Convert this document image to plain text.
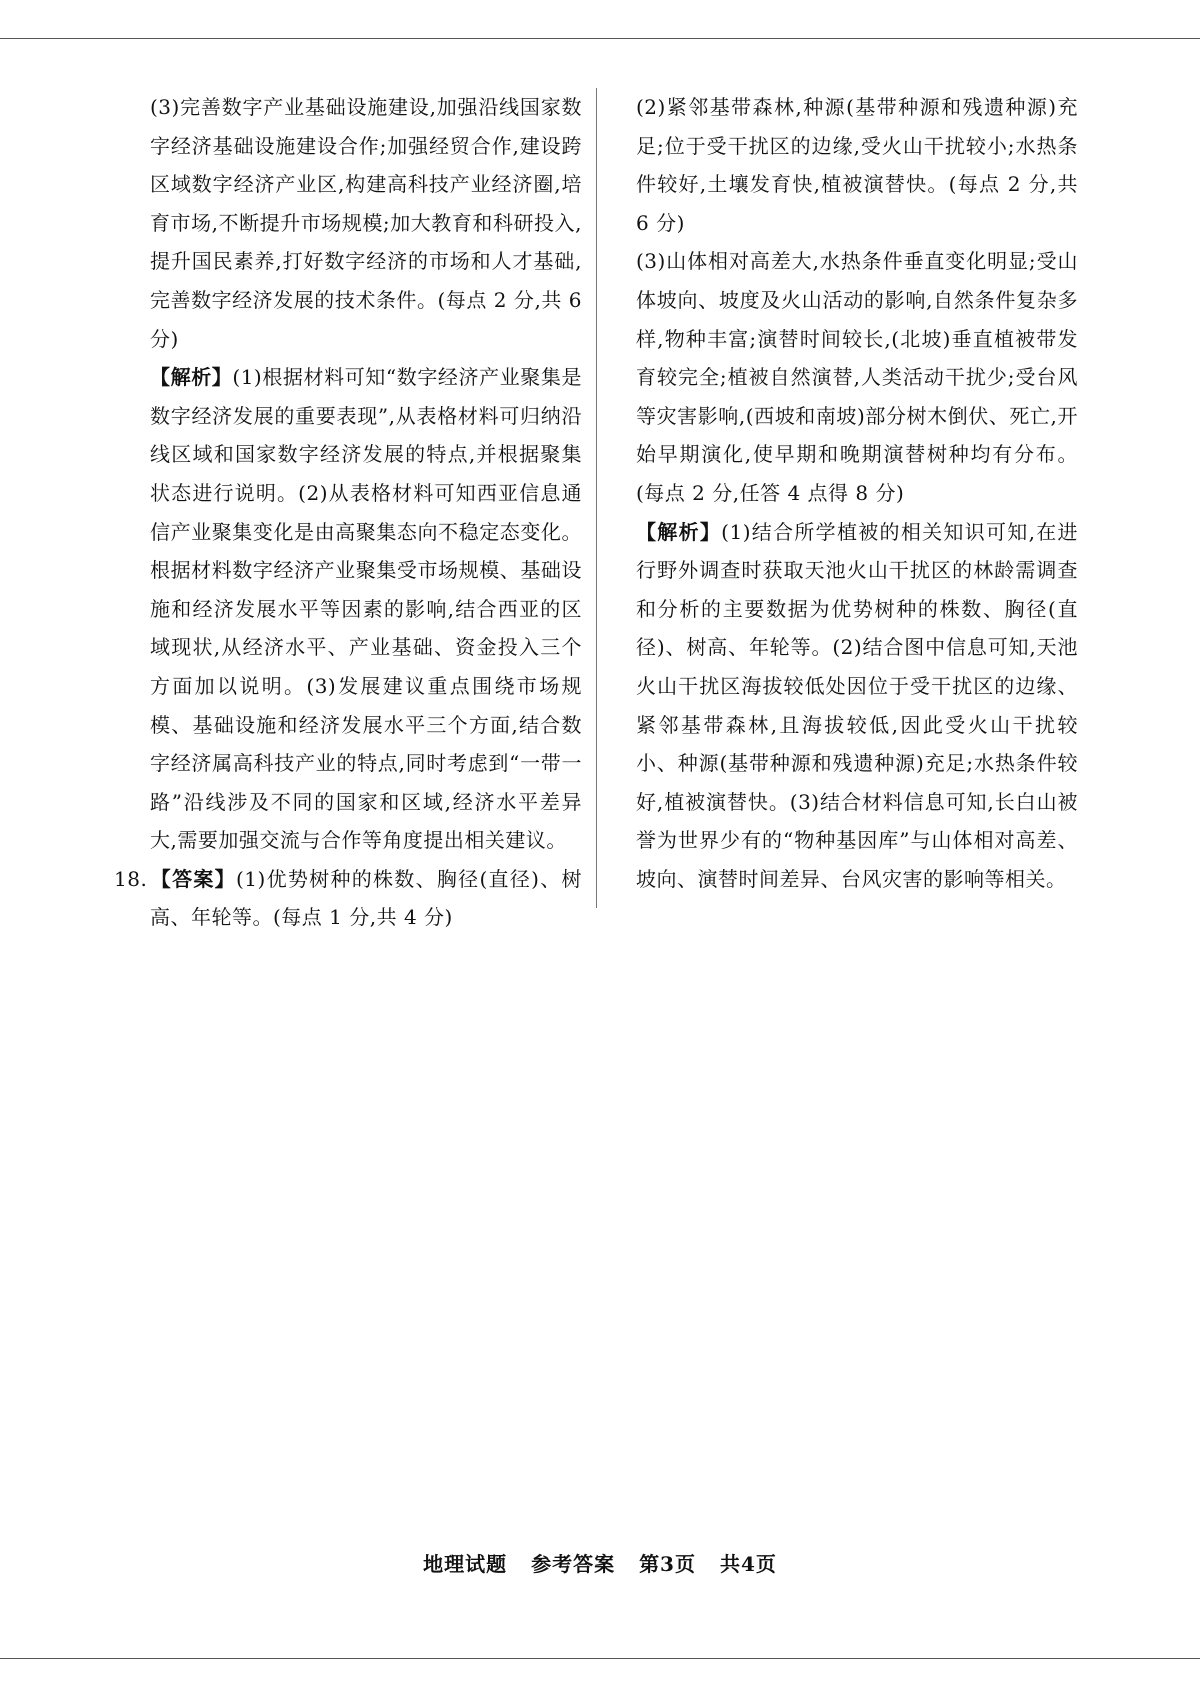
(3)完善数字产业基础设施建设,加强沿线国家数字经济基础设施建设合作;加强经贸合作,建设跨区域数字经济产业区,构建高科技产业经济圈,培育市场,不断提升市场规模;加大教育和科研投入,提升国民素养,打好数字经济的市场和人才基础,完善数字经济发展的技术条件。(每点 2 分,共 6 分)

【解析】(1)根据材料可知“数字经济产业聚集是数字经济发展的重要表现”,从表格材料可归纳沿线区域和国家数字经济发展的特点,并根据聚集状态进行说明。(2)从表格材料可知西亚信息通信产业聚集变化是由高聚集态向不稳定态变化。根据材料数字经济产业聚集受市场规模、基础设施和经济发展水平等因素的影响,结合西亚的区域现状,从经济水平、产业基础、资金投入三个方面加以说明。(3)发展建议重点围绕市场规模、基础设施和经济发展水平三个方面,结合数字经济属高科技产业的特点,同时考虑到“一带一路”沿线涉及不同的国家和区域,经济水平差异大,需要加强交流与合作等角度提出相关建议。

18. 【答案】(1)优势树种的株数、胸径(直径)、树高、年轮等。(每点 1 分,共 4 分)

(2)紧邻基带森林,种源(基带种源和残遗种源)充足;位于受干扰区的边缘,受火山干扰较小;水热条件较好,土壤发育快,植被演替快。(每点 2 分,共 6 分)

(3)山体相对高差大,水热条件垂直变化明显;受山体坡向、坡度及火山活动的影响,自然条件复杂多样,物种丰富;演替时间较长,(北坡)垂直植被带发育较完全;植被自然演替,人类活动干扰少;受台风等灾害影响,(西坡和南坡)部分树木倒伏、死亡,开始早期演化,使早期和晚期演替树种均有分布。(每点 2 分,任答 4 点得 8 分)

【解析】(1)结合所学植被的相关知识可知,在进行野外调查时获取天池火山干扰区的林龄需调查和分析的主要数据为优势树种的株数、胸径(直径)、树高、年轮等。(2)结合图中信息可知,天池火山干扰区海拔较低处因位于受干扰区的边缘、紧邻基带森林,且海拔较低,因此受火山干扰较小、种源(基带种源和残遗种源)充足;水热条件较好,植被演替快。(3)结合材料信息可知,长白山被誉为世界少有的“物种基因库”与山体相对高差、坡向、演替时间差异、台风灾害的影响等相关。

地理试题 参考答案 第3页 共4页
